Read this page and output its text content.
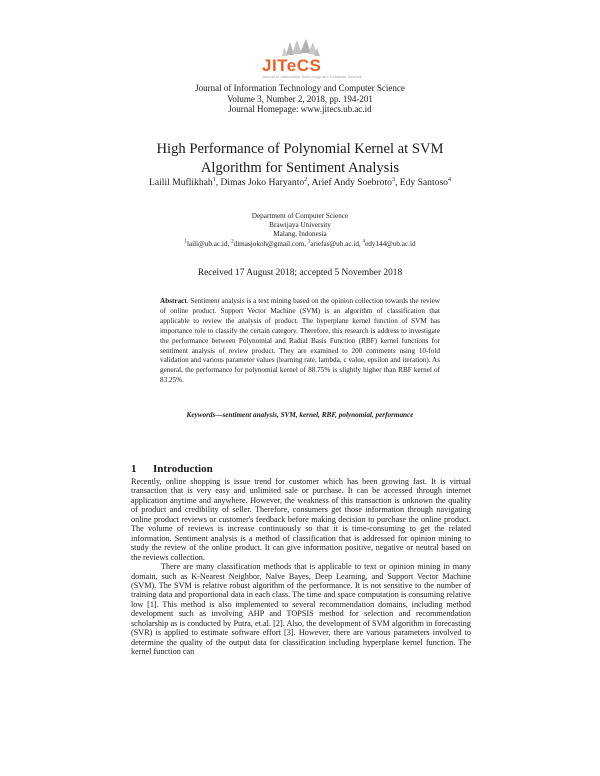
JITeCS
Journal of Information Technology and Computer Science
Journal of Information Technology and Computer Science
Volume 3, Number 2, 2018, pp. 194-201
Journal Homepage: www.jitecs.ub.ac.id
High Performance of Polynomial Kernel at SVM
Algorithm for Sentiment Analysis
Lailil Muflikhah$^1$, Dimas Joko Haryanto$^2$, Arief Andy Soebroto$^3$, Edy Santoso$^4$
Department of Computer Science
Brawijaya University
Malang, Indonesia
$^1$laili@ub.ac.id, $^2$dimasjokoh@gmail.com, $^3$ariefas@ub.ac.id, $^4$edy144@ub.ac.id
Received 17 August 2018; accepted 5 November 2018
Abstract. Sentiment analysis is a text mining based on the opinion collection towards the review of online product. Support Vector Machine (SVM) is an algorithm of classification that applicable to review the analysis of product. The hyperplane kernel function of SVM has importance role to classify the certain category. Therefore, this research is address to investigate the performance between Polynomial and Radial Basis Function (RBF) kernel functions for sentiment analysis of review product. They are examined to 200 comments using 10-fold validation and various parameter values (learning rate, lambda, c value, epsilon and iteration). As general, the performance for polynomial kernel of 88.75% is slightly higher than RBF kernel of 83.25%.
Keywords—sentiment analysis, SVM, kernel, RBF, polynomial, performance
1 Introduction

Recently, online shopping is issue trend for customer which has been growing fast. It is virtual transaction that is very easy and unlimited sale or purchase. It can be accessed through internet application anytime and anywhere. However, the weakness of this transaction is unknown the quality of product and credibility of seller. Therefore, consumers get those information through navigating online product reviews or customer's feedback before making decision to purchase the online product. The volume of reviews is increase continuously so that it is time-consuming to get the related information. Sentiment analysis is a method of classification that is addressed for opinion mining to study the review of the online product. It can give information positive, negative or neutral based on the reviews collection.

There are many classification methods that is applicable to text or opinion mining in many domain, such as K-Nearest Neighbor, Naïve Bayes, Deep Learning, and Support Vector Machine (SVM). The SVM is relative robust algorithm of the performance. It is not sensitive to the number of training data and proportional data in each class. The time and space computation is consuming relative low [1]. This method is also implemented to several recommendation domains, including method development such as involving AHP and TOPSIS method for selection and recommendation scholarship as is conducted by Putra, et.al. [2]. Also, the development of SVM algorithm in forecasting (SVR) is applied to estimate software effort [3]. However, there are various parameters involved to determine the quality of the output data for classification including hyperplane kernel function. The kernel function can
